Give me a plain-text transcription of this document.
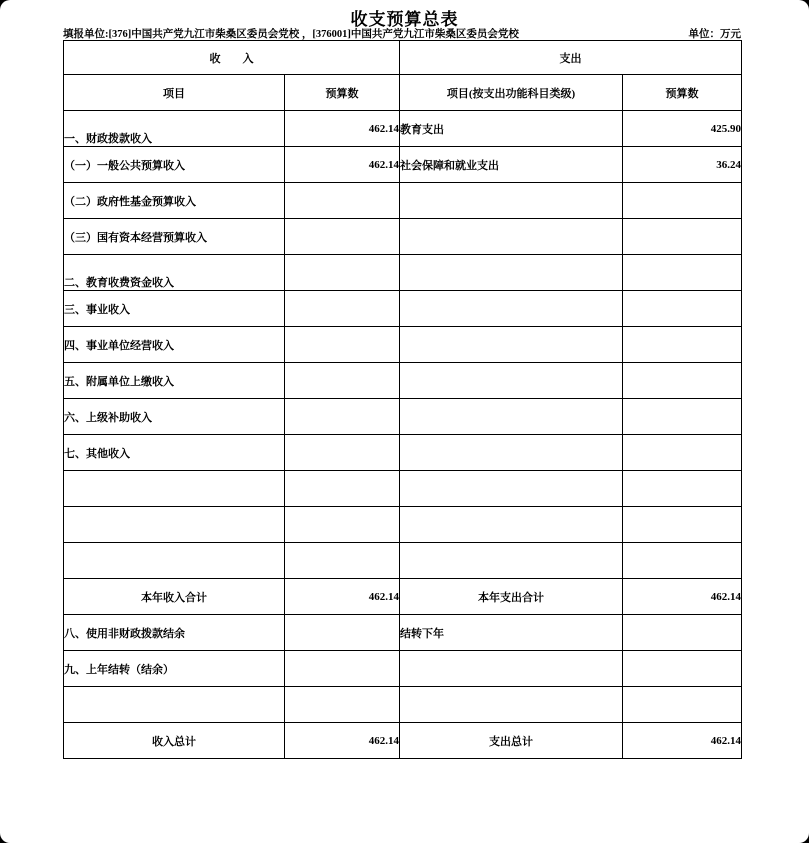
收支预算总表
填报单位:[376]中国共产党九江市柴桑区委员会党校 ，[376001]中国共产党九江市柴桑区委员会党校	单位：万元
收　　入		支出	
项目	预算数	项目(按支出功能科目类级)	预算数
一、财政拨款收入	462.14	教育支出	425.90
（一）一般公共预算收入	462.14	社会保障和就业支出	36.24
（二）政府性基金预算收入			
（三）国有资本经营预算收入			
二、教育收费资金收入			
三、事业收入			
四、事业单位经营收入			
五、附属单位上缴收入			
六、上级补助收入			
七、其他收入			

本年收入合计	462.14	本年支出合计	462.14
八、使用非财政拨款结余		结转下年	
九、上年结转（结余）			

收入总计	462.14	支出总计	462.14
